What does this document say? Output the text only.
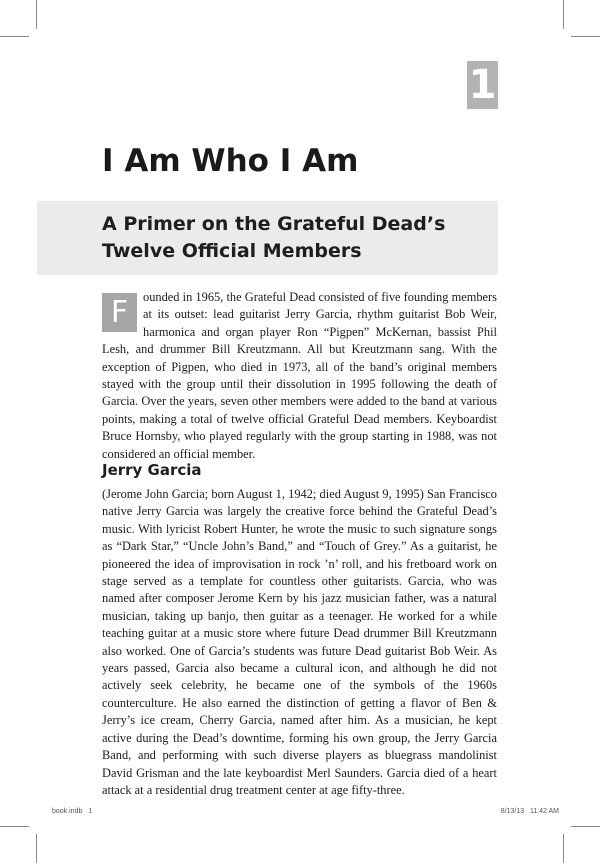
1
I Am Who I Am
A Primer on the Grateful Dead’s Twelve Official Members
F	ounded in 1965, the Grateful Dead consisted of five founding members at its outset: lead guitarist Jerry Garcia, rhythm guitarist Bob Weir, harmonica and organ player Ron “Pigpen” McKernan, bassist Phil Lesh, and drummer Bill Kreutzmann. All but Kreutzmann sang. With the exception of Pigpen, who died in 1973, all of the band’s original members stayed with the group until their dissolution in 1995 following the death of Garcia. Over the years, seven other members were added to the band at various points, making a total of twelve official Grateful Dead members. Keyboardist Bruce Hornsby, who played regularly with the group starting in 1988, was not considered an official member.

Jerry Garcia

(Jerome John Garcia; born August 1, 1942; died August 9, 1995) San Francisco native Jerry Garcia was largely the creative force behind the Grateful Dead’s music. With lyricist Robert Hunter, he wrote the music to such signature songs as “Dark Star,” “Uncle John’s Band,” and “Touch of Grey.” As a guitarist, he pioneered the idea of improvisation in rock ’n’ roll, and his fretboard work on stage served as a template for countless other guitarists. Garcia, who was named after composer Jerome Kern by his jazz musician father, was a natural musician, taking up banjo, then guitar as a teenager. He worked for a while teaching guitar at a music store where future Dead drummer Bill Kreutzmann also worked. One of Garcia’s students was future Dead guitarist Bob Weir. As years passed, Garcia also became a cultural icon, and although he did not actively seek celebrity, he became one of the symbols of the 1960s counterculture. He also earned the distinction of getting a flavor of Ben & Jerry’s ice cream, Cherry Garcia, named after him. As a musician, he kept active during the Dead’s downtime, forming his own group, the Jerry Garcia Band, and performing with such diverse players as bluegrass mandolinist David Grisman and the late keyboardist Merl Saunders. Garcia died of a heart attack at a residential drug treatment center at age fifty-three.

book.indb   1	8/13/13   11:42 AM
